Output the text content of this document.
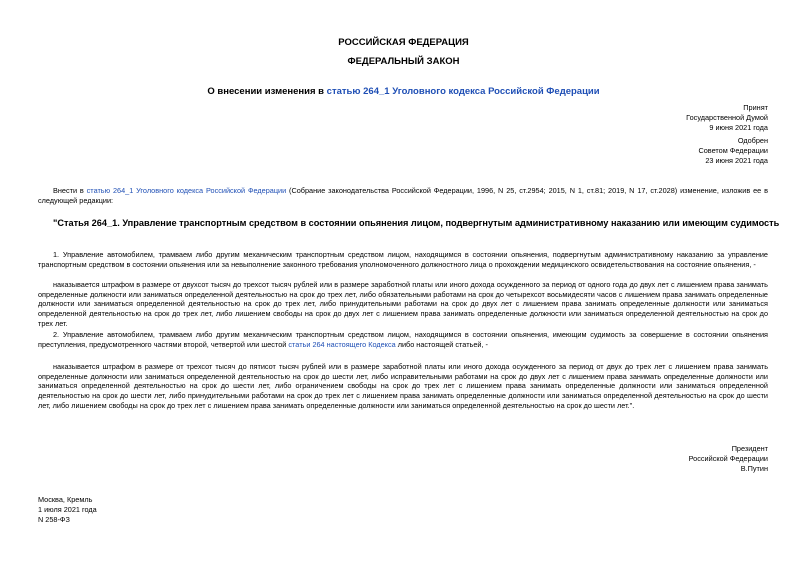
РОССИЙСКАЯ ФЕДЕРАЦИЯ
ФЕДЕРАЛЬНЫЙ ЗАКОН
О внесении изменения в статью 264_1 Уголовного кодекса Российской Федерации
Принят
Государственной Думой
9 июня 2021 года
Одобрен
Советом Федерации
23 июня 2021 года
Внести в статью 264_1 Уголовного кодекса Российской Федерации (Собрание законодательства Российской Федерации, 1996, N 25, ст.2954; 2015, N 1, ст.81; 2019, N 17, ст.2028) изменение, изложив ее в следующей редакции:
"Статья 264_1. Управление транспортным средством в состоянии опьянения лицом, подвергнутым административному наказанию или имеющим судимость
1. Управление автомобилем, трамваем либо другим механическим транспортным средством лицом, находящимся в состоянии опьянения, подвергнутым административному наказанию за управление транспортным средством в состоянии опьянения или за невыполнение законного требования уполномоченного должностного лица о прохождении медицинского освидетельствования на состояние опьянения, -
наказывается штрафом в размере от двухсот тысяч до трехсот тысяч рублей или в размере заработной платы или иного дохода осужденного за период от одного года до двух лет с лишением права занимать определенные должности или заниматься определенной деятельностью на срок до трех лет, либо обязательными работами на срок до четырехсот восьмидесяти часов с лишением права занимать определенные должности или заниматься определенной деятельностью на срок до трех лет, либо принудительными работами на срок до двух лет с лишением права занимать определенные должности или заниматься определенной деятельностью на срок до трех лет, либо лишением свободы на срок до двух лет с лишением права занимать определенные должности или заниматься определенной деятельностью на срок до трех лет.
2. Управление автомобилем, трамваем либо другим механическим транспортным средством лицом, находящимся в состоянии опьянения, имеющим судимость за совершение в состоянии опьянения преступления, предусмотренного частями второй, четвертой или шестой статьи 264 настоящего Кодекса либо настоящей статьей, -
наказывается штрафом в размере от трехсот тысяч до пятисот тысяч рублей или в размере заработной платы или иного дохода осужденного за период от двух до трех лет с лишением права занимать определенные должности или заниматься определенной деятельностью на срок до шести лет, либо исправительными работами на срок до двух лет с лишением права занимать определенные должности или заниматься определенной деятельностью на срок до шести лет, либо ограничением свободы на срок до трех лет с лишением права занимать определенные должности или заниматься определенной деятельностью на срок до шести лет, либо принудительными работами на срок до трех лет с лишением права занимать определенные должности или заниматься определенной деятельностью на срок до шести лет, либо лишением свободы на срок до трех лет с лишением права занимать определенные должности или заниматься определенной деятельностью на срок до шести лет.".
Президент
Российской Федерации
В.Путин
Москва, Кремль
1 июля 2021 года
N 258-ФЗ
